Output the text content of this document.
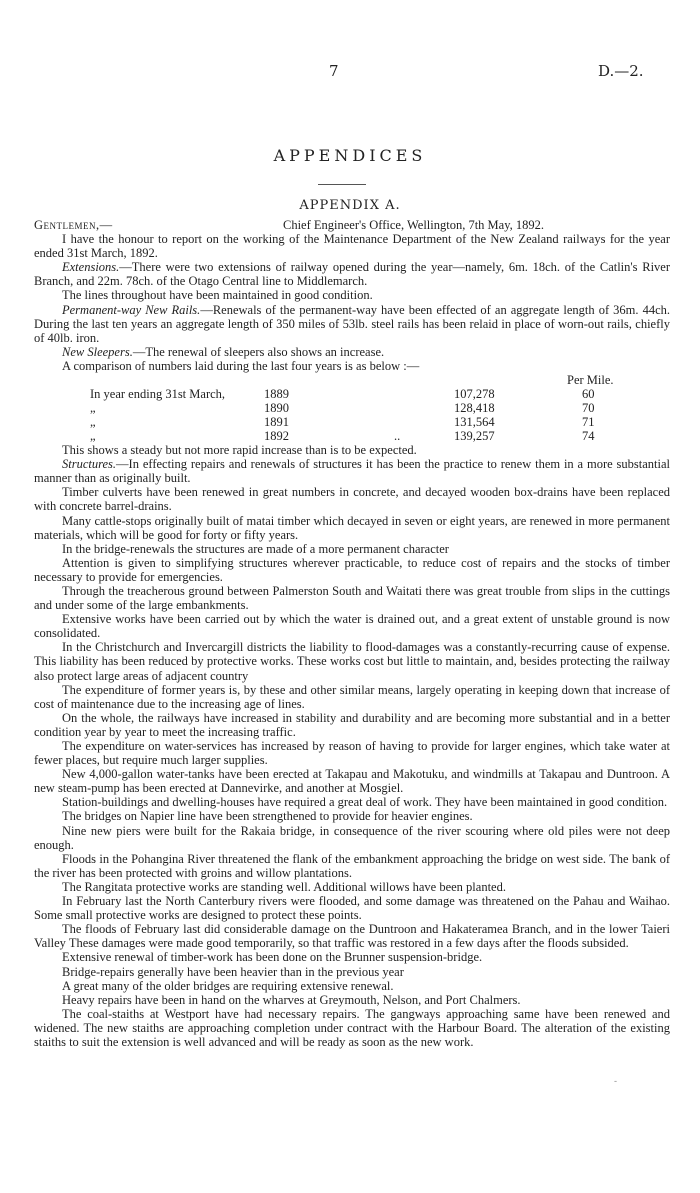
7	D.—2.
APPENDICES
APPENDIX A.
Gentlemen,—	Chief Engineer's Office, Wellington, 7th May, 1892.

I have the honour to report on the working of the Maintenance Department of the New Zealand railways for the year ended 31st March, 1892.

Extensions.—There were two extensions of railway opened during the year—namely, 6m. 18ch. of the Catlin's River Branch, and 22m. 78ch. of the Otago Central line to Middlemarch.

The lines throughout have been maintained in good condition.

Permanent-way New Rails.—Renewals of the permanent-way have been effected of an aggregate length of 36m. 44ch. During the last ten years an aggregate length of 350 miles of 53lb. steel rails has been relaid in place of worn-out rails, chiefly of 40lb. iron.

New Sleepers.—The renewal of sleepers also shows an increase.

A comparison of numbers laid during the last four years is as below :—

Per Mile.
In year ending 31st March,	1889	107,278	60
„	1890	128,418	70
„	1891	131,564	71
„	1892	..	139,257	74

This shows a steady but not more rapid increase than is to be expected.

Structures.—In effecting repairs and renewals of structures it has been the practice to renew them in a more substantial manner than as originally built.

Timber culverts have been renewed in great numbers in concrete, and decayed wooden box-drains have been replaced with concrete barrel-drains.

Many cattle-stops originally built of matai timber which decayed in seven or eight years, are renewed in more permanent materials, which will be good for forty or fifty years.

In the bridge-renewals the structures are made of a more permanent character

Attention is given to simplifying structures wherever practicable, to reduce cost of repairs and the stocks of timber necessary to provide for emergencies.

Through the treacherous ground between Palmerston South and Waitati there was great trouble from slips in the cuttings and under some of the large embankments.

Extensive works have been carried out by which the water is drained out, and a great extent of unstable ground is now consolidated.

In the Christchurch and Invercargill districts the liability to flood-damages was a constantly-recurring cause of expense. This liability has been reduced by protective works. These works cost but little to maintain, and, besides protecting the railway also protect large areas of adjacent country

The expenditure of former years is, by these and other similar means, largely operating in keeping down that increase of cost of maintenance due to the increasing age of lines.

On the whole, the railways have increased in stability and durability and are becoming more substantial and in a better condition year by year to meet the increasing traffic.

The expenditure on water-services has increased by reason of having to provide for larger engines, which take water at fewer places, but require much larger supplies.

New 4,000-gallon water-tanks have been erected at Takapau and Makotuku, and windmills at Takapau and Duntroon. A new steam-pump has been erected at Dannevirke, and another at Mosgiel.

Station-buildings and dwelling-houses have required a great deal of work. They have been maintained in good condition.

The bridges on Napier line have been strengthened to provide for heavier engines.

Nine new piers were built for the Rakaia bridge, in consequence of the river scouring where old piles were not deep enough.

Floods in the Pohangina River threatened the flank of the embankment approaching the bridge on west side. The bank of the river has been protected with groins and willow plantations.

The Rangitata protective works are standing well. Additional willows have been planted.

In February last the North Canterbury rivers were flooded, and some damage was threatened on the Pahau and Waihao. Some small protective works are designed to protect these points.

The floods of February last did considerable damage on the Duntroon and Hakateramea Branch, and in the lower Taieri Valley These damages were made good temporarily, so that traffic was restored in a few days after the floods subsided.

Extensive renewal of timber-work has been done on the Brunner suspension-bridge.

Bridge-repairs generally have been heavier than in the previous year

A great many of the older bridges are requiring extensive renewal.

Heavy repairs have been in hand on the wharves at Greymouth, Nelson, and Port Chalmers.

The coal-staiths at Westport have had necessary repairs. The gangways approaching same have been renewed and widened. The new staiths are approaching completion under contract with the Harbour Board. The alteration of the existing staiths to suit the extension is well advanced and will be ready as soon as the new work.

-
